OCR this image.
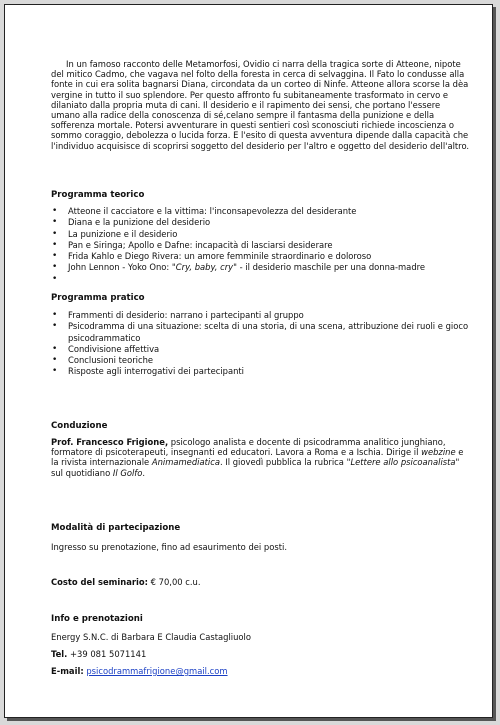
In un famoso racconto delle Metamorfosi, Ovidio ci narra della tragica sorte di Atteone, nipote del mitico Cadmo, che vagava nel folto della foresta in cerca di selvaggina. Il Fato lo condusse alla fonte in cui era solita bagnarsi Diana, circondata da un corteo di Ninfe. Atteone allora scorse la dèa vergine in tutto il suo splendore. Per questo affronto fu subitaneamente trasformato in cervo e dilaniato dalla propria muta di cani. Il desiderio e il rapimento dei sensi, che portano l'essere umano alla radice della conoscenza di sé,celano sempre il fantasma della punizione e della sofferenza mortale. Potersi avventurare in questi sentieri così sconosciuti richiede incoscienza o sommo coraggio, debolezza o lucida forza. E l'esito di questa avventura dipende dalla capacità che l'individuo acquisisce di scoprirsi soggetto del desiderio per l'altro e oggetto del desiderio dell'altro.
Programma teorico
• Atteone il cacciatore e la vittima: l'inconsapevolezza del desiderante
• Diana e la punizione del desiderio
• La punizione e il desiderio
• Pan e Siringa; Apollo e Dafne: incapacità di lasciarsi desiderare
• Frida Kahlo e Diego Rivera: un amore femminile straordinario e doloroso
• John Lennon - Yoko Ono: "Cry, baby, cry" - il desiderio maschile per una donna-madre
•

Programma pratico
• Frammenti di desiderio: narrano i partecipanti al gruppo
• Psicodramma di una situazione: scelta di una storia, di una scena, attribuzione dei ruoli e gioco psicodrammatico
• Condivisione affettiva
• Conclusioni teoriche
• Risposte agli interrogativi dei partecipanti
Conduzione
Prof. Francesco Frigione, psicologo analista e docente di psicodramma analitico junghiano, formatore di psicoterapeuti, insegnanti ed educatori. Lavora a Roma e a Ischia. Dirige il webzine e la rivista internazionale Animamediatica. Il giovedì pubblica la rubrica "Lettere allo psicoanalista" sul quotidiano Il Golfo.
Modalità di partecipazione
Ingresso su prenotazione, fino ad esaurimento dei posti.
Costo del seminario: € 70,00 c.u.
Info e prenotazioni
Energy S.N.C. di Barbara E Claudia Castagliuolo
Tel. +39 081 5071141
E-mail: psicodrammafrigione@gmail.com
